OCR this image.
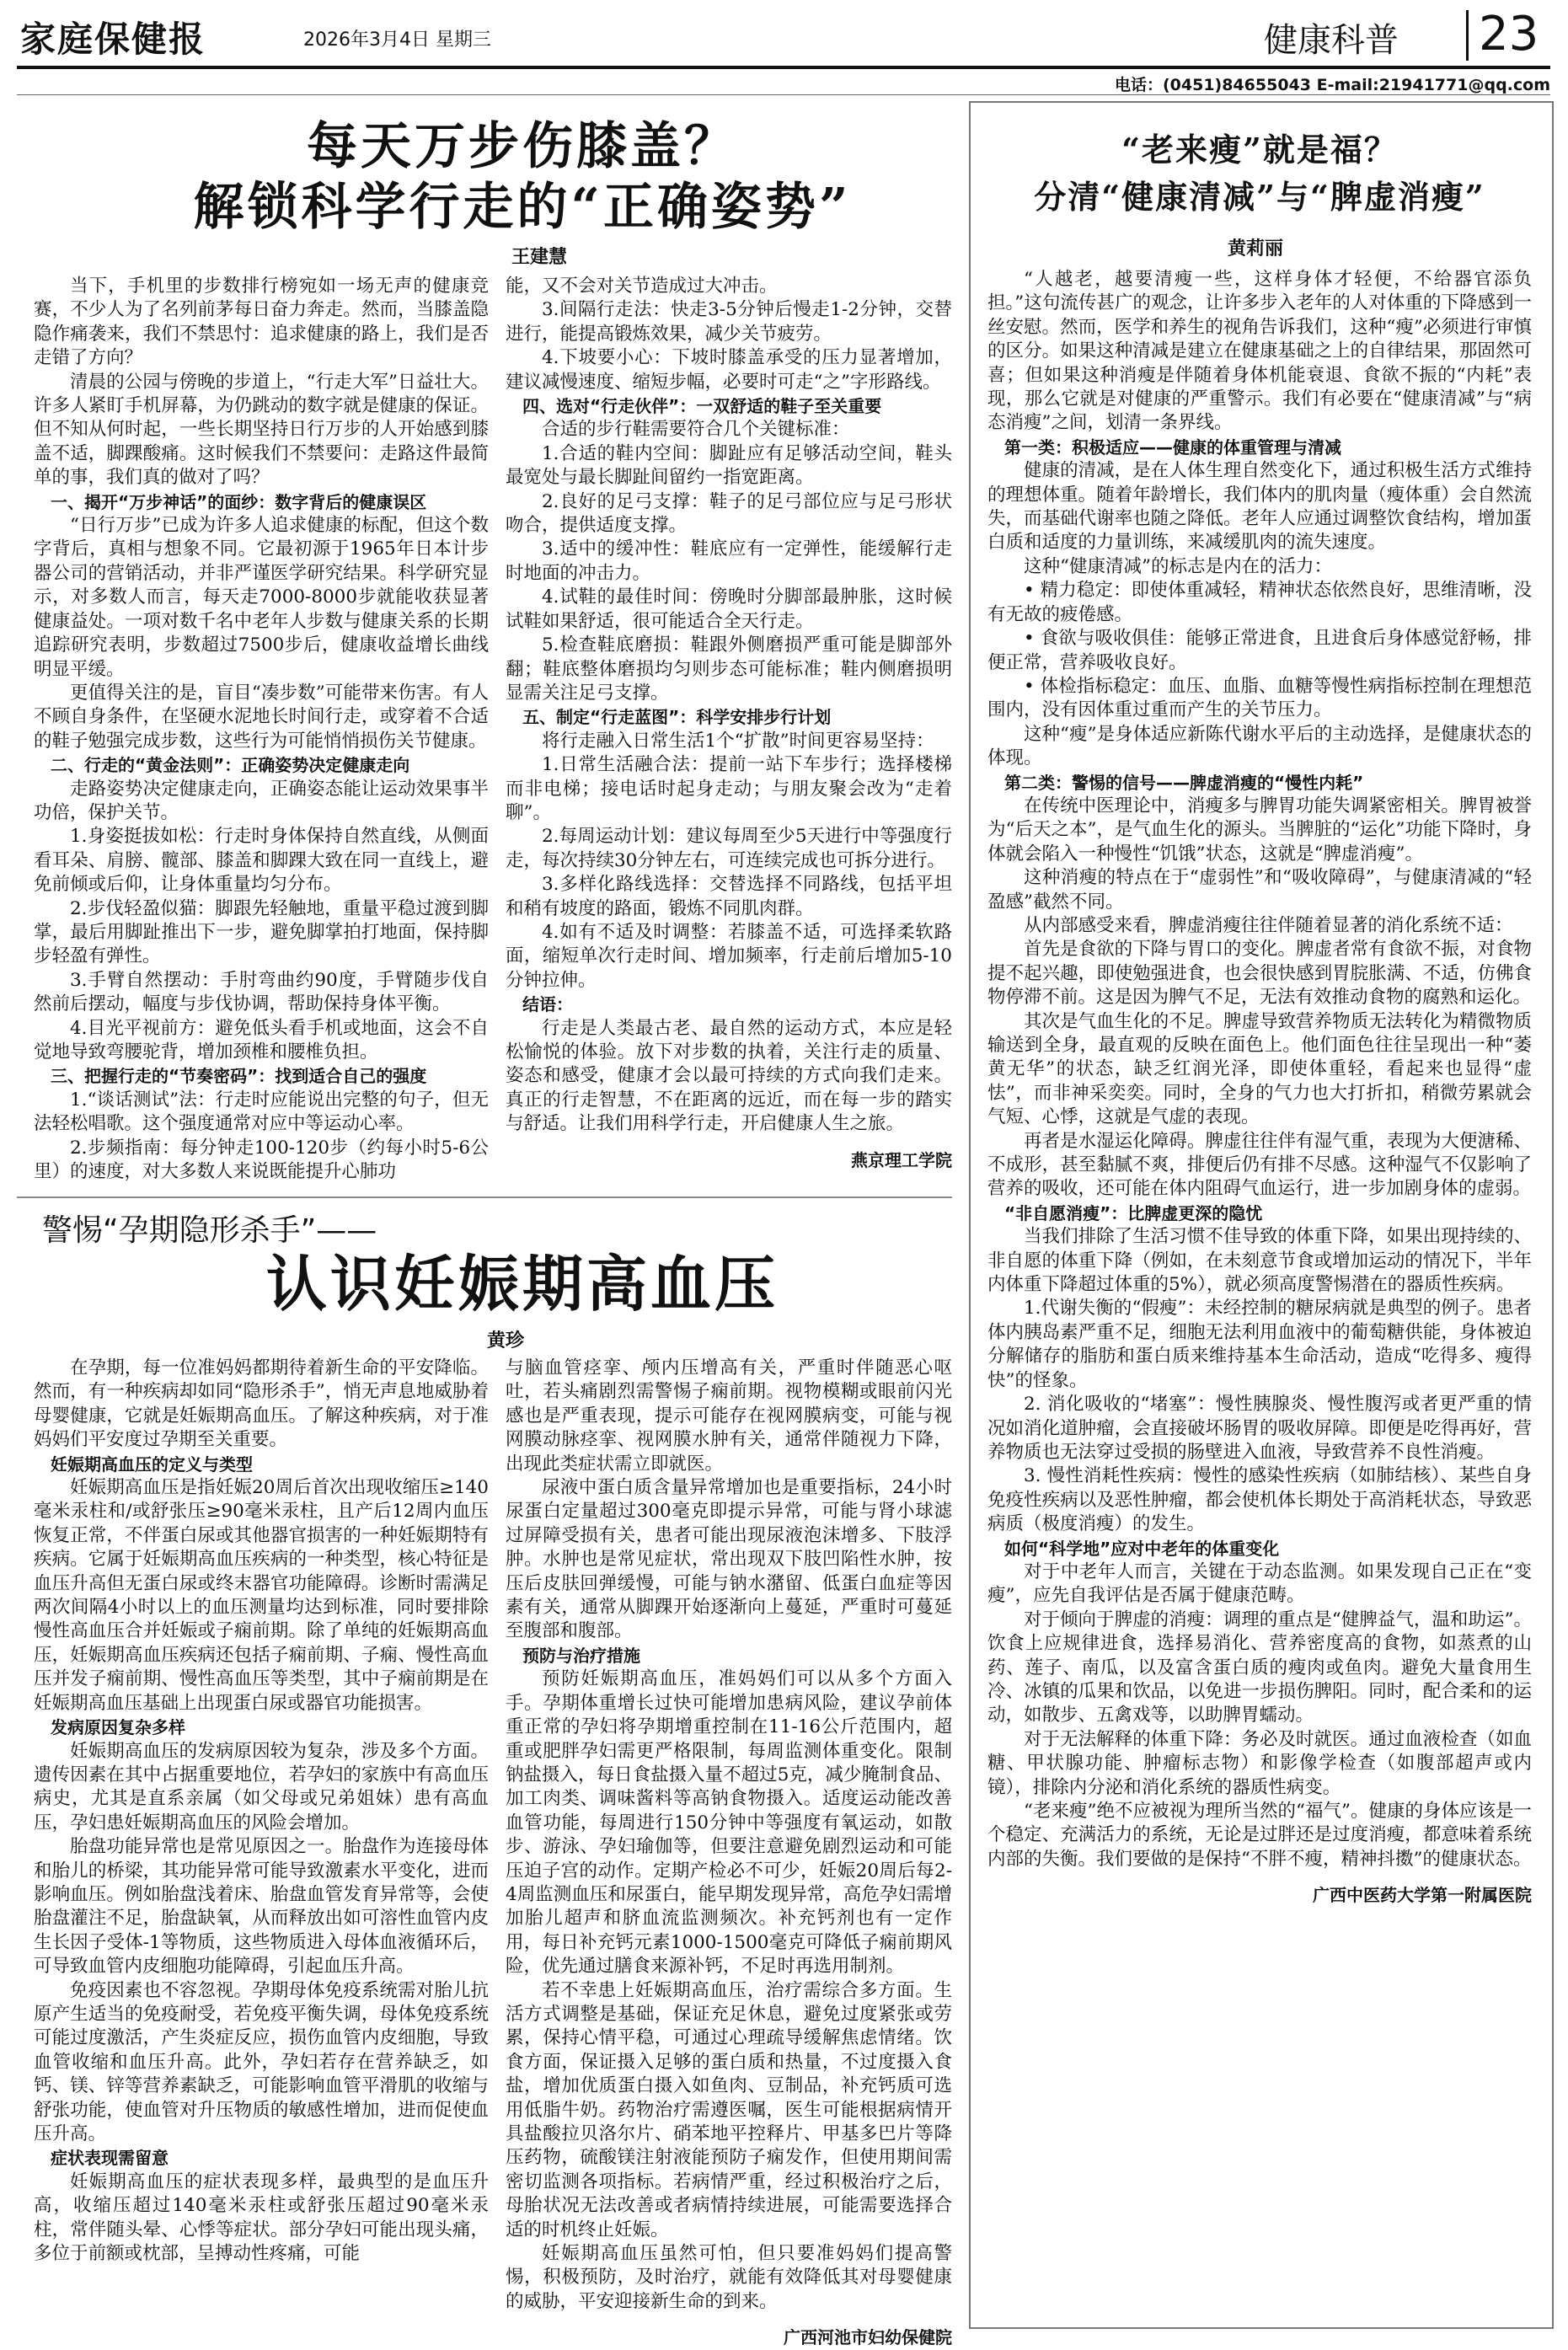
家庭保健报	2026年3月4日 星期三	健康科普 23
电话：(0451)84655043 E-mail:21941771@qq.com
每天万步伤膝盖？
解锁科学行走的“正确姿势”
王建慧

当下，手机里的步数排行榜宛如一场无声的健康竞赛，不少人为了名列前茅每日奋力奔走。然而，当膝盖隐隐作痛袭来，我们不禁思忖：追求健康的路上，我们是否走错了方向？

清晨的公园与傍晚的步道上，“行走大军”日益壮大。许多人紧盯手机屏幕，为仍跳动的数字就是健康的保证。但不知从何时起，一些长期坚持日行万步的人开始感到膝盖不适，脚踝酸痛。这时候我们不禁要问：走路这件最简单的事，我们真的做对了吗？

一、揭开“万步神话”的面纱：数字背后的健康误区

“日行万步”已成为许多人追求健康的标配，但这个数字背后，真相与想象不同。它最初源于1965年日本计步器公司的营销活动，并非严谨医学研究结果。科学研究显示，对多数人而言，每天走7000-8000步就能收获显著健康益处。一项对数千名中老年人步数与健康关系的长期追踪研究表明，步数超过7500步后，健康收益增长曲线明显平缓。

更值得关注的是，盲目“凑步数”可能带来伤害。有人不顾自身条件，在坚硬水泥地长时间行走，或穿着不合适的鞋子勉强完成步数，这些行为可能悄悄损伤关节健康。

二、行走的“黄金法则”：正确姿势决定健康走向

走路姿势决定健康走向，正确姿态能让运动效果事半功倍，保护关节。

1.身姿挺拔如松：行走时身体保持自然直线，从侧面看耳朵、肩膀、髋部、膝盖和脚踝大致在同一直线上，避免前倾或后仰，让身体重量均匀分布。

2.步伐轻盈似猫：脚跟先轻触地，重量平稳过渡到脚掌，最后用脚趾推出下一步，避免脚掌拍打地面，保持脚步轻盈有弹性。

3.手臂自然摆动：手肘弯曲约90度，手臂随步伐自然前后摆动，幅度与步伐协调，帮助保持身体平衡。

4.目光平视前方：避免低头看手机或地面，这会不自觉地导致弯腰驼背，增加颈椎和腰椎负担。

三、把握行走的“节奏密码”：找到适合自己的强度

1.“谈话测试”法：行走时应能说出完整的句子，但无法轻松唱歌。这个强度通常对应中等运动心率。

2.步频指南：每分钟走100-120步（约每小时5-6公里）的速度，对大多数人来说既能提升心肺功

能，又不会对关节造成过大冲击。

3.间隔行走法：快走3-5分钟后慢走1-2分钟，交替进行，能提高锻炼效果，减少关节疲劳。

4.下坡要小心：下坡时膝盖承受的压力显著增加，建议减慢速度、缩短步幅，必要时可走“之”字形路线。

四、选对“行走伙伴”：一双舒适的鞋子至关重要

合适的步行鞋需要符合几个关键标准：

1.合适的鞋内空间：脚趾应有足够活动空间，鞋头最宽处与最长脚趾间留约一指宽距离。

2.良好的足弓支撑：鞋子的足弓部位应与足弓形状吻合，提供适度支撑。

3.适中的缓冲性：鞋底应有一定弹性，能缓解行走时地面的冲击力。

4.试鞋的最佳时间：傍晚时分脚部最肿胀，这时候试鞋如果舒适，很可能适合全天行走。

5.检查鞋底磨损：鞋跟外侧磨损严重可能是脚部外翻；鞋底整体磨损均匀则步态可能标准；鞋内侧磨损明显需关注足弓支撑。

五、制定“行走蓝图”：科学安排步行计划

将行走融入日常生活1个“扩散”时间更容易坚持：

1.日常生活融合法：提前一站下车步行；选择楼梯而非电梯；接电话时起身走动；与朋友聚会改为“走着聊”。

2.每周运动计划：建议每周至少5天进行中等强度行走，每次持续30分钟左右，可连续完成也可拆分进行。

3.多样化路线选择：交替选择不同路线，包括平坦和稍有坡度的路面，锻炼不同肌肉群。

4.如有不适及时调整：若膝盖不适，可选择柔软路面，缩短单次行走时间、增加频率，行走前后增加5-10分钟拉伸。

结语：

行走是人类最古老、最自然的运动方式，本应是轻松愉悦的体验。放下对步数的执着，关注行走的质量、姿态和感受，健康才会以最可持续的方式向我们走来。真正的行走智慧，不在距离的远近，而在每一步的踏实与舒适。让我们用科学行走，开启健康人生之旅。

燕京理工学院

警惕“孕期隐形杀手”——
认识妊娠期高血压
黄珍

在孕期，每一位准妈妈都期待着新生命的平安降临。然而，有一种疾病却如同“隐形杀手”，悄无声息地威胁着母婴健康，它就是妊娠期高血压。了解这种疾病，对于准妈妈们平安度过孕期至关重要。

妊娠期高血压的定义与类型

妊娠期高血压是指妊娠20周后首次出现收缩压≥140毫米汞柱和/或舒张压≥90毫米汞柱，且产后12周内血压恢复正常，不伴蛋白尿或其他器官损害的一种妊娠期特有疾病。它属于妊娠期高血压疾病的一种类型，核心特征是血压升高但无蛋白尿或终末器官功能障碍。诊断时需满足两次间隔4小时以上的血压测量均达到标准，同时要排除慢性高血压合并妊娠或子痫前期。除了单纯的妊娠期高血压，妊娠期高血压疾病还包括子痫前期、子痫、慢性高血压并发子痫前期、慢性高血压等类型，其中子痫前期是在妊娠期高血压基础上出现蛋白尿或器官功能损害。

发病原因复杂多样

妊娠期高血压的发病原因较为复杂，涉及多个方面。遗传因素在其中占据重要地位，若孕妇的家族中有高血压病史，尤其是直系亲属（如父母或兄弟姐妹）患有高血压，孕妇患妊娠期高血压的风险会增加。

胎盘功能异常也是常见原因之一。胎盘作为连接母体和胎儿的桥梁，其功能异常可能导致激素水平变化，进而影响血压。例如胎盘浅着床、胎盘血管发育异常等，会使胎盘灌注不足，胎盘缺氧，从而释放出如可溶性血管内皮生长因子受体-1等物质，这些物质进入母体血液循环后，可导致血管内皮细胞功能障碍，引起血压升高。

免疫因素也不容忽视。孕期母体免疫系统需对胎儿抗原产生适当的免疫耐受，若免疫平衡失调，母体免疫系统可能过度激活，产生炎症反应，损伤血管内皮细胞，导致血管收缩和血压升高。此外，孕妇若存在营养缺乏，如钙、镁、锌等营养素缺乏，可能影响血管平滑肌的收缩与舒张功能，使血管对升压物质的敏感性增加，进而促使血压升高。

症状表现需留意

妊娠期高血压的症状表现多样，最典型的是血压升高，收缩压超过140毫米汞柱或舒张压超过90毫米汞柱，常伴随头晕、心悸等症状。部分孕妇可能出现头痛，多位于前额或枕部，呈搏动性疼痛，可能

与脑血管痉挛、颅内压增高有关，严重时伴随恶心呕吐，若头痛剧烈需警惕子痫前期。视物模糊或眼前闪光感也是严重表现，提示可能存在视网膜病变，可能与视网膜动脉痉挛、视网膜水肿有关，通常伴随视力下降，出现此类症状需立即就医。

尿液中蛋白质含量异常增加也是重要指标，24小时尿蛋白定量超过300毫克即提示异常，可能与肾小球滤过屏障受损有关，患者可能出现尿液泡沫增多、下肢浮肿。水肿也是常见症状，常出现双下肢凹陷性水肿，按压后皮肤回弹缓慢，可能与钠水潴留、低蛋白血症等因素有关，通常从脚踝开始逐渐向上蔓延，严重时可蔓延至腹部和腹部。

预防与治疗措施

预防妊娠期高血压，准妈妈们可以从多个方面入手。孕期体重增长过快可能增加患病风险，建议孕前体重正常的孕妇将孕期增重控制在11-16公斤范围内，超重或肥胖孕妇需更严格限制，每周监测体重变化。限制钠盐摄入，每日食盐摄入量不超过5克，减少腌制食品、加工肉类、调味酱料等高钠食物摄入。适度运动能改善血管功能，每周进行150分钟中等强度有氧运动，如散步、游泳、孕妇瑜伽等，但要注意避免剧烈运动和可能压迫子宫的动作。定期产检必不可少，妊娠20周后每2-4周监测血压和尿蛋白，能早期发现异常，高危孕妇需增加胎儿超声和脐血流监测频次。补充钙剂也有一定作用，每日补充钙元素1000-1500毫克可降低子痫前期风险，优先通过膳食来源补钙，不足时再选用制剂。

若不幸患上妊娠期高血压，治疗需综合多方面。生活方式调整是基础，保证充足休息，避免过度紧张或劳累，保持心情平稳，可通过心理疏导缓解焦虑情绪。饮食方面，保证摄入足够的蛋白质和热量，不过度摄入食盐，增加优质蛋白摄入如鱼肉、豆制品，补充钙质可选用低脂牛奶。药物治疗需遵医嘱，医生可能根据病情开具盐酸拉贝洛尔片、硝苯地平控释片、甲基多巴片等降压药物，硫酸镁注射液能预防子痫发作，但使用期间需密切监测各项指标。若病情严重，经过积极治疗之后，母胎状况无法改善或者病情持续进展，可能需要选择合适的时机终止妊娠。

妊娠期高血压虽然可怕，但只要准妈妈们提高警惕，积极预防，及时治疗，就能有效降低其对母婴健康的威胁，平安迎接新生命的到来。

广西河池市妇幼保健院

“老来瘦”就是福？
分清“健康清减”与“脾虚消瘦”
黄莉丽

“人越老，越要清瘦一些，这样身体才轻便，不给器官添负担。”这句流传甚广的观念，让许多步入老年的人对体重的下降感到一丝安慰。然而，医学和养生的视角告诉我们，这种“瘦”必须进行审慎的区分。如果这种清减是建立在健康基础之上的自律结果，那固然可喜；但如果这种消瘦是伴随着身体机能衰退、食欲不振的“内耗”表现，那么它就是对健康的严重警示。我们有必要在“健康清减”与“病态消瘦”之间，划清一条界线。

第一类：积极适应——健康的体重管理与清减

健康的清减，是在人体生理自然变化下，通过积极生活方式维持的理想体重。随着年龄增长，我们体内的肌肉量（瘦体重）会自然流失，而基础代谢率也随之降低。老年人应通过调整饮食结构，增加蛋白质和适度的力量训练，来减缓肌肉的流失速度。

这种“健康清减”的标志是内在的活力：

• 精力稳定：即使体重减轻，精神状态依然良好，思维清晰，没有无故的疲倦感。

• 食欲与吸收俱佳：能够正常进食，且进食后身体感觉舒畅，排便正常，营养吸收良好。

• 体检指标稳定：血压、血脂、血糖等慢性病指标控制在理想范围内，没有因体重过重而产生的关节压力。

这种“瘦”是身体适应新陈代谢水平后的主动选择，是健康状态的体现。

第二类：警惕的信号——脾虚消瘦的“慢性内耗”

在传统中医理论中，消瘦多与脾胃功能失调紧密相关。脾胃被誉为“后天之本”，是气血生化的源头。当脾脏的“运化”功能下降时，身体就会陷入一种慢性“饥饿”状态，这就是“脾虚消瘦”。

这种消瘦的特点在于“虚弱性”和“吸收障碍”，与健康清减的“轻盈感”截然不同。

从内部感受来看，脾虚消瘦往往伴随着显著的消化系统不适：

首先是食欲的下降与胃口的变化。脾虚者常有食欲不振，对食物提不起兴趣，即使勉强进食，也会很快感到胃脘胀满、不适，仿佛食物停滞不前。这是因为脾气不足，无法有效推动食物的腐熟和运化。

其次是气血生化的不足。脾虚导致营养物质无法转化为精微物质输送到全身，最直观的反映在面色上。他们面色往往呈现出一种“萎黄无华”的状态，缺乏红润光泽，即使体重轻，看起来也显得“虚怯”，而非神采奕奕。同时，全身的气力也大打折扣，稍微劳累就会气短、心悸，这就是气虚的表现。

再者是水湿运化障碍。脾虚往往伴有湿气重，表现为大便溏稀、不成形，甚至黏腻不爽，排便后仍有排不尽感。这种湿气不仅影响了营养的吸收，还可能在体内阻碍气血运行，进一步加剧身体的虚弱。

“非自愿消瘦”：比脾虚更深的隐忧

当我们排除了生活习惯不佳导致的体重下降，如果出现持续的、非自愿的体重下降（例如，在未刻意节食或增加运动的情况下，半年内体重下降超过体重的5%），就必须高度警惕潜在的器质性疾病。

1.代谢失衡的“假瘦”：未经控制的糖尿病就是典型的例子。患者体内胰岛素严重不足，细胞无法利用血液中的葡萄糖供能，身体被迫分解储存的脂肪和蛋白质来维持基本生命活动，造成“吃得多、瘦得快”的怪象。

2. 消化吸收的“堵塞”：慢性胰腺炎、慢性腹泻或者更严重的情况如消化道肿瘤，会直接破坏肠胃的吸收屏障。即便是吃得再好，营养物质也无法穿过受损的肠壁进入血液，导致营养不良性消瘦。

3. 慢性消耗性疾病：慢性的感染性疾病（如肺结核）、某些自身免疫性疾病以及恶性肿瘤，都会使机体长期处于高消耗状态，导致恶病质（极度消瘦）的发生。

如何“科学地”应对中老年的体重变化

对于中老年人而言，关键在于动态监测。如果发现自己正在“变瘦”，应先自我评估是否属于健康范畴。

对于倾向于脾虚的消瘦：调理的重点是“健脾益气，温和助运”。饮食上应规律进食，选择易消化、营养密度高的食物，如蒸煮的山药、莲子、南瓜，以及富含蛋白质的瘦肉或鱼肉。避免大量食用生冷、冰镇的瓜果和饮品，以免进一步损伤脾阳。同时，配合柔和的运动，如散步、五禽戏等，以助脾胃蠕动。

对于无法解释的体重下降：务必及时就医。通过血液检查（如血糖、甲状腺功能、肿瘤标志物）和影像学检查（如腹部超声或内镜），排除内分泌和消化系统的器质性病变。

“老来瘦”绝不应被视为理所当然的“福气”。健康的身体应该是一个稳定、充满活力的系统，无论是过胖还是过度消瘦，都意味着系统内部的失衡。我们要做的是保持“不胖不瘦，精神抖擞”的健康状态。

广西中医药大学第一附属医院
